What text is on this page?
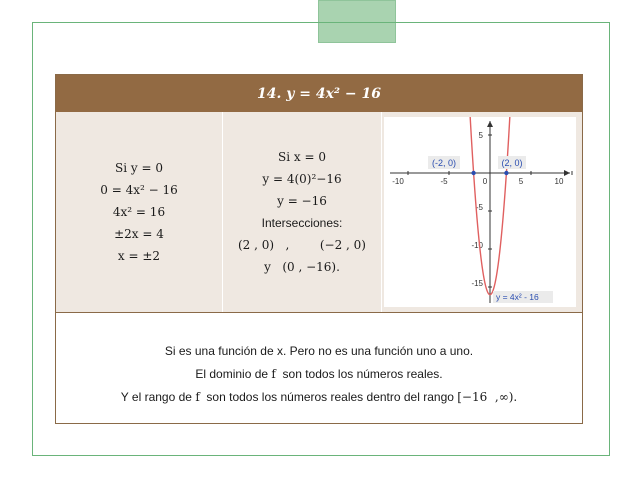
14. y = 4x² − 16
Si y = 0
0 = 4x² − 16
4x² = 16
±2x = 4
x = ±2
Si x = 0
y = 4(0)²−16
y = −16
Intersecciones:
(2 , 0)   ,        (−2 , 0)
y   (0 , −16).
-10	-5	0	5	10
5
-5
-10
-15
(-2, 0)	(2, 0)
y = 4x² - 16
Si es una función de x. Pero no es una función uno a uno.
El dominio de f  son todos los números reales.
Y el rango de f  son todos los números reales dentro del rango [−16  ,∞).
